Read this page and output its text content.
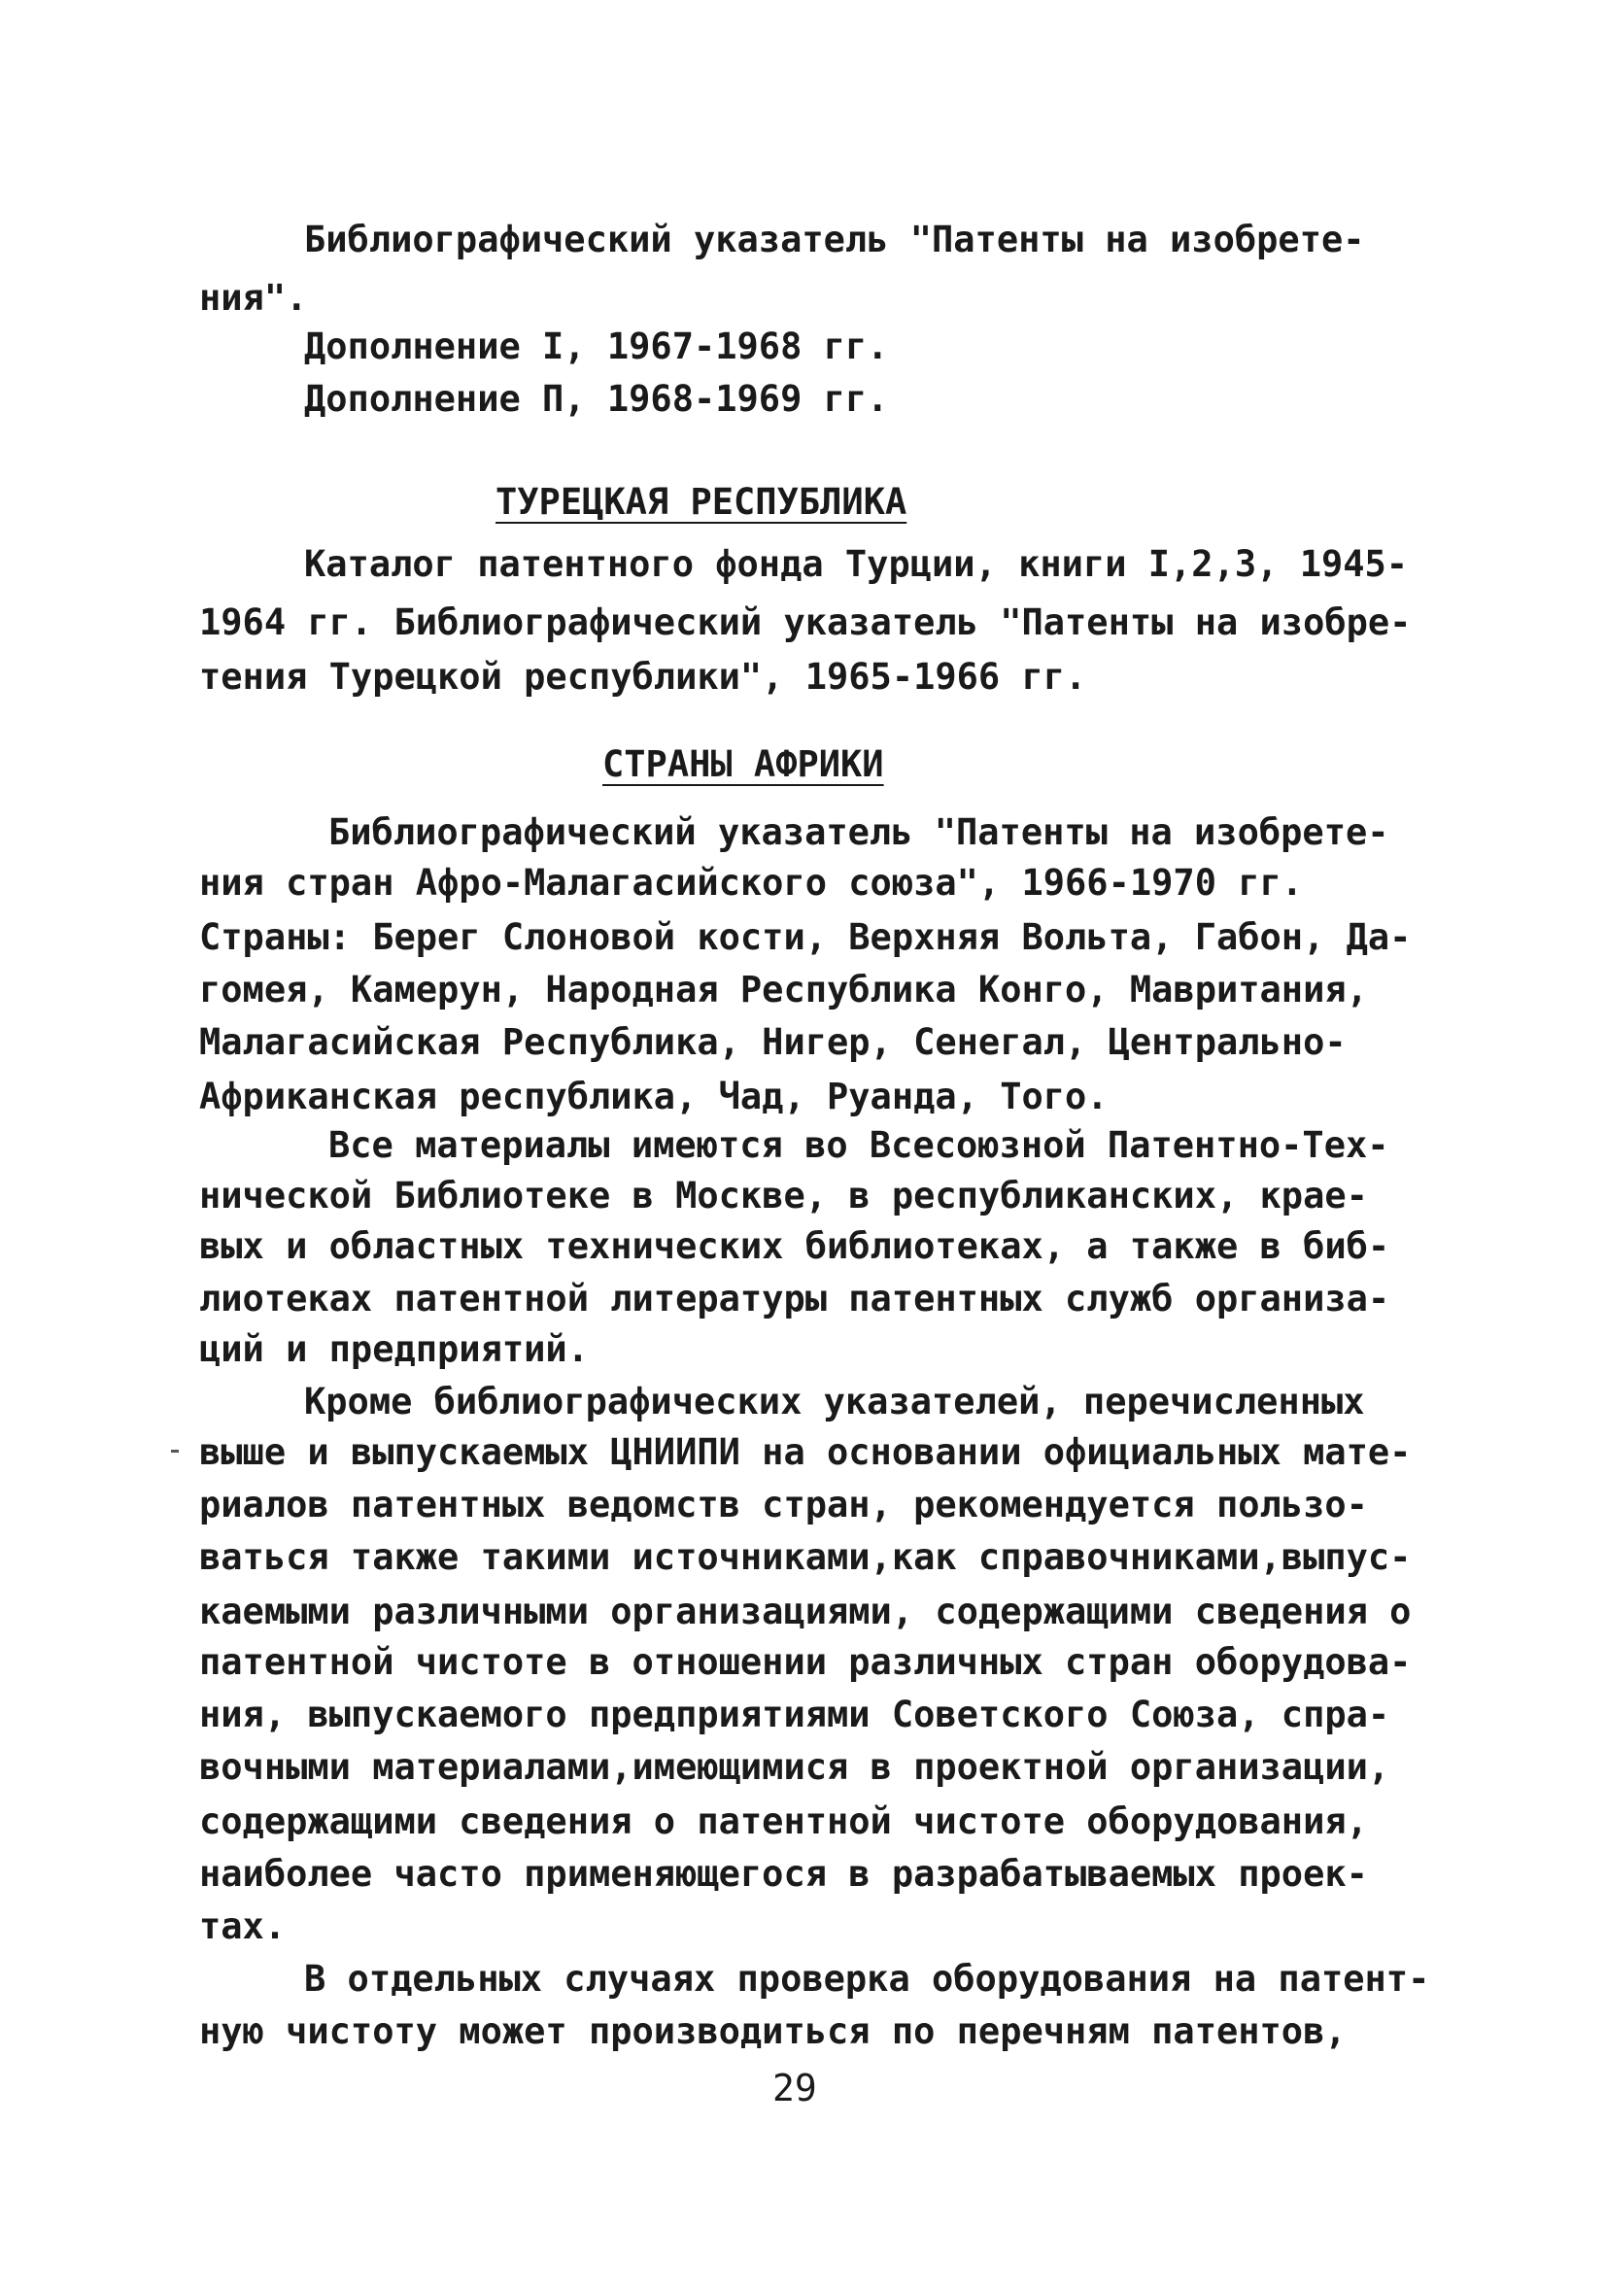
Библиографический указатель "Патенты на изобрете-
ния".
Дополнение I, 1967-1968 гг.
Дополнение П, 1968-1969 гг.
ТУРЕЦКАЯ РЕСПУБЛИКА
Каталог патентного фонда Турции, книги I,2,3, 1945-
1964 гг. Библиографический указатель "Патенты на изобре-
тения Турецкой республики", 1965-1966 гг.
СТРАНЫ АФРИКИ
Библиографический указатель "Патенты на изобрете-
ния стран Афро-Малагасийского союза", 1966-1970 гг.
Страны: Берег Слоновой кости, Верхняя Вольта, Габон, Да-
гомея, Камерун, Народная Республика Конго, Мавритания,
Малагасийская Республика, Нигер, Сенегал, Центрально-
Африканская республика, Чад, Руанда, Того.
Все материалы имеются во Всесоюзной Патентно-Тех-
нической Библиотеке в Москве, в республиканских, крае-
вых и областных технических библиотеках, а также в биб-
лиотеках патентной литературы патентных служб организа-
ций и предприятий.
Кроме библиографических указателей, перечисленных
выше и выпускаемых ЦНИИПИ на основании официальных мате-
риалов патентных ведомств стран, рекомендуется пользо-
ваться также такими источниками,как справочниками,выпус-
каемыми различными организациями, содержащими сведения о
патентной чистоте в отношении различных стран оборудова-
ния, выпускаемого предприятиями Советского Союза, спра-
вочными материалами,имеющимися в проектной организации,
содержащими сведения о патентной чистоте оборудования,
наиболее часто применяющегося в разрабатываемых проек-
тах.
В отдельных случаях проверка оборудования на патент-
ную чистоту может производиться по перечням патентов,
29
